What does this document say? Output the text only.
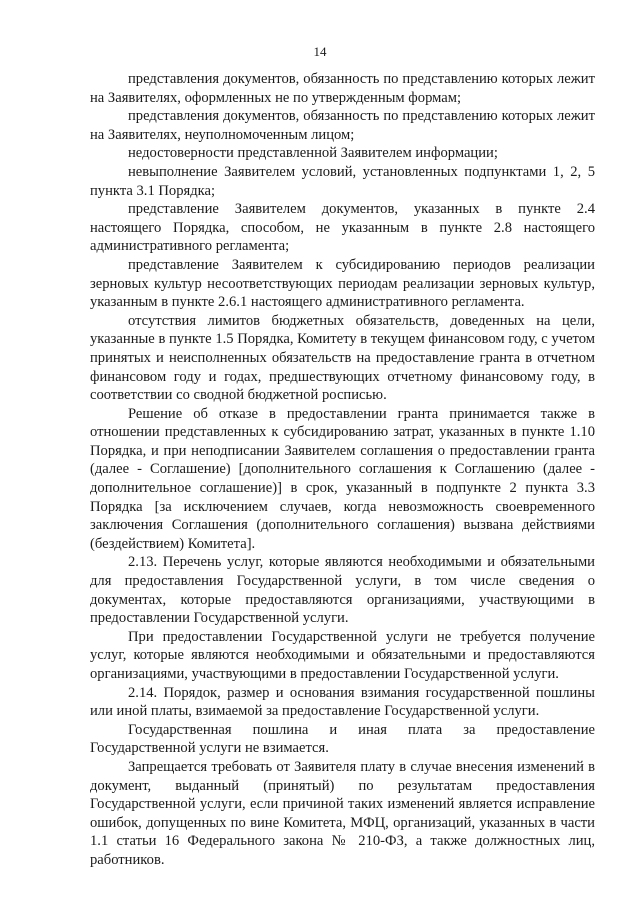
14

представления документов, обязанность по представлению которых лежит на Заявителях, оформленных не по утвержденным формам;

представления документов, обязанность по представлению которых лежит на Заявителях, неуполномоченным лицом;

недостоверности представленной Заявителем информации;

невыполнение Заявителем условий, установленных подпунктами 1, 2, 5 пункта 3.1 Порядка;

представление Заявителем документов, указанных в пункте 2.4 настоящего Порядка, способом, не указанным в пункте 2.8 настоящего административного регламента;

представление Заявителем к субсидированию периодов реализации зерновых культур несоответствующих периодам реализации зерновых культур, указанным в пункте 2.6.1 настоящего административного регламента.

отсутствия лимитов бюджетных обязательств, доведенных на цели, указанные в пункте 1.5 Порядка, Комитету в текущем финансовом году, с учетом принятых и неисполненных обязательств на предоставление гранта в отчетном финансовом году и годах, предшествующих отчетному финансовому году, в соответствии со сводной бюджетной росписью.

Решение об отказе в предоставлении гранта принимается также в отношении представленных к субсидированию затрат, указанных в пункте 1.10 Порядка, и при неподписании Заявителем соглашения о предоставлении гранта (далее - Соглашение) [дополнительного соглашения к Соглашению (далее - дополнительное соглашение)] в срок, указанный в подпункте 2 пункта 3.3 Порядка [за исключением случаев, когда невозможность своевременного заключения Соглашения (дополнительного соглашения) вызвана действиями (бездействием) Комитета].

2.13. Перечень услуг, которые являются необходимыми и обязательными для предоставления Государственной услуги, в том числе сведения о документах, которые предоставляются организациями, участвующими в предоставлении Государственной услуги.

При предоставлении Государственной услуги не требуется получение услуг, которые являются необходимыми и обязательными и предоставляются организациями, участвующими в предоставлении Государственной услуги.

2.14. Порядок, размер и основания взимания государственной пошлины или иной платы, взимаемой за предоставление Государственной услуги.

Государственная пошлина и иная плата за предоставление Государственной услуги не взимается.

Запрещается требовать от Заявителя плату в случае внесения изменений в документ, выданный (принятый) по результатам предоставления Государственной услуги, если причиной таких изменений является исправление ошибок, допущенных по вине Комитета, МФЦ, организаций, указанных в части 1.1 статьи 16 Федерального закона № 210-ФЗ, а также должностных лиц, работников.
